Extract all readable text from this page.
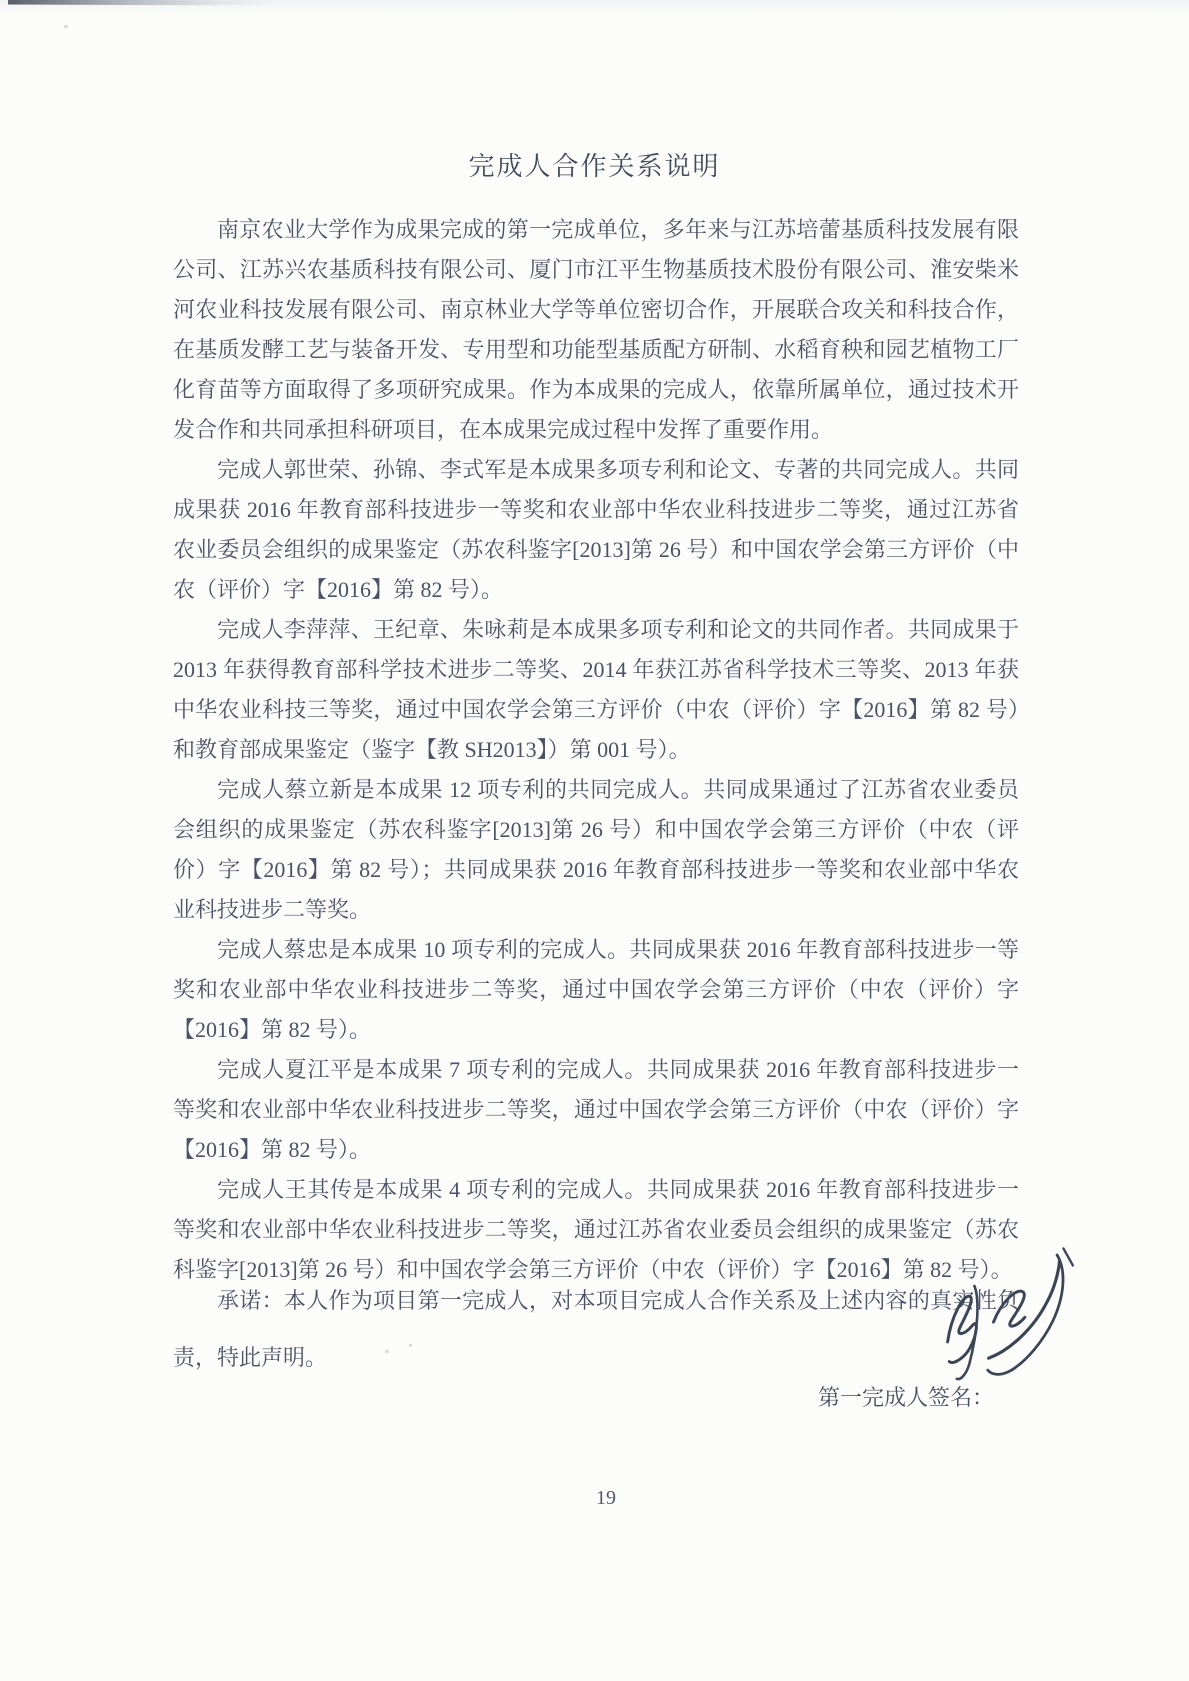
完成人合作关系说明

南京农业大学作为成果完成的第一完成单位，多年来与江苏培蕾基质科技发展有限公司、江苏兴农基质科技有限公司、厦门市江平生物基质技术股份有限公司、淮安柴米河农业科技发展有限公司、南京林业大学等单位密切合作，开展联合攻关和科技合作，在基质发酵工艺与装备开发、专用型和功能型基质配方研制、水稻育秧和园艺植物工厂化育苗等方面取得了多项研究成果。作为本成果的完成人，依靠所属单位，通过技术开发合作和共同承担科研项目，在本成果完成过程中发挥了重要作用。

完成人郭世荣、孙锦、李式军是本成果多项专利和论文、专著的共同完成人。共同成果获 2016 年教育部科技进步一等奖和农业部中华农业科技进步二等奖，通过江苏省农业委员会组织的成果鉴定（苏农科鉴字[2013]第 26 号）和中国农学会第三方评价（中农（评价）字【2016】第 82 号）。

完成人李萍萍、王纪章、朱咏莉是本成果多项专利和论文的共同作者。共同成果于 2013 年获得教育部科学技术进步二等奖、2014 年获江苏省科学技术三等奖、2013 年获中华农业科技三等奖，通过中国农学会第三方评价（中农（评价）字【2016】第 82 号）和教育部成果鉴定（鉴字【教 SH2013】）第 001 号）。

完成人蔡立新是本成果 12 项专利的共同完成人。共同成果通过了江苏省农业委员会组织的成果鉴定（苏农科鉴字[2013]第 26 号）和中国农学会第三方评价（中农（评价）字【2016】第 82 号）；共同成果获 2016 年教育部科技进步一等奖和农业部中华农业科技进步二等奖。

完成人蔡忠是本成果 10 项专利的完成人。共同成果获 2016 年教育部科技进步一等奖和农业部中华农业科技进步二等奖，通过中国农学会第三方评价（中农（评价）字【2016】第 82 号）。

完成人夏江平是本成果 7 项专利的完成人。共同成果获 2016 年教育部科技进步一等奖和农业部中华农业科技进步二等奖，通过中国农学会第三方评价（中农（评价）字【2016】第 82 号）。

完成人王其传是本成果 4 项专利的完成人。共同成果获 2016 年教育部科技进步一等奖和农业部中华农业科技进步二等奖，通过江苏省农业委员会组织的成果鉴定（苏农科鉴字[2013]第 26 号）和中国农学会第三方评价（中农（评价）字【2016】第 82 号）。

承诺：本人作为项目第一完成人，对本项目完成人合作关系及上述内容的真实性负责，特此声明。
第一完成人签名：
19
